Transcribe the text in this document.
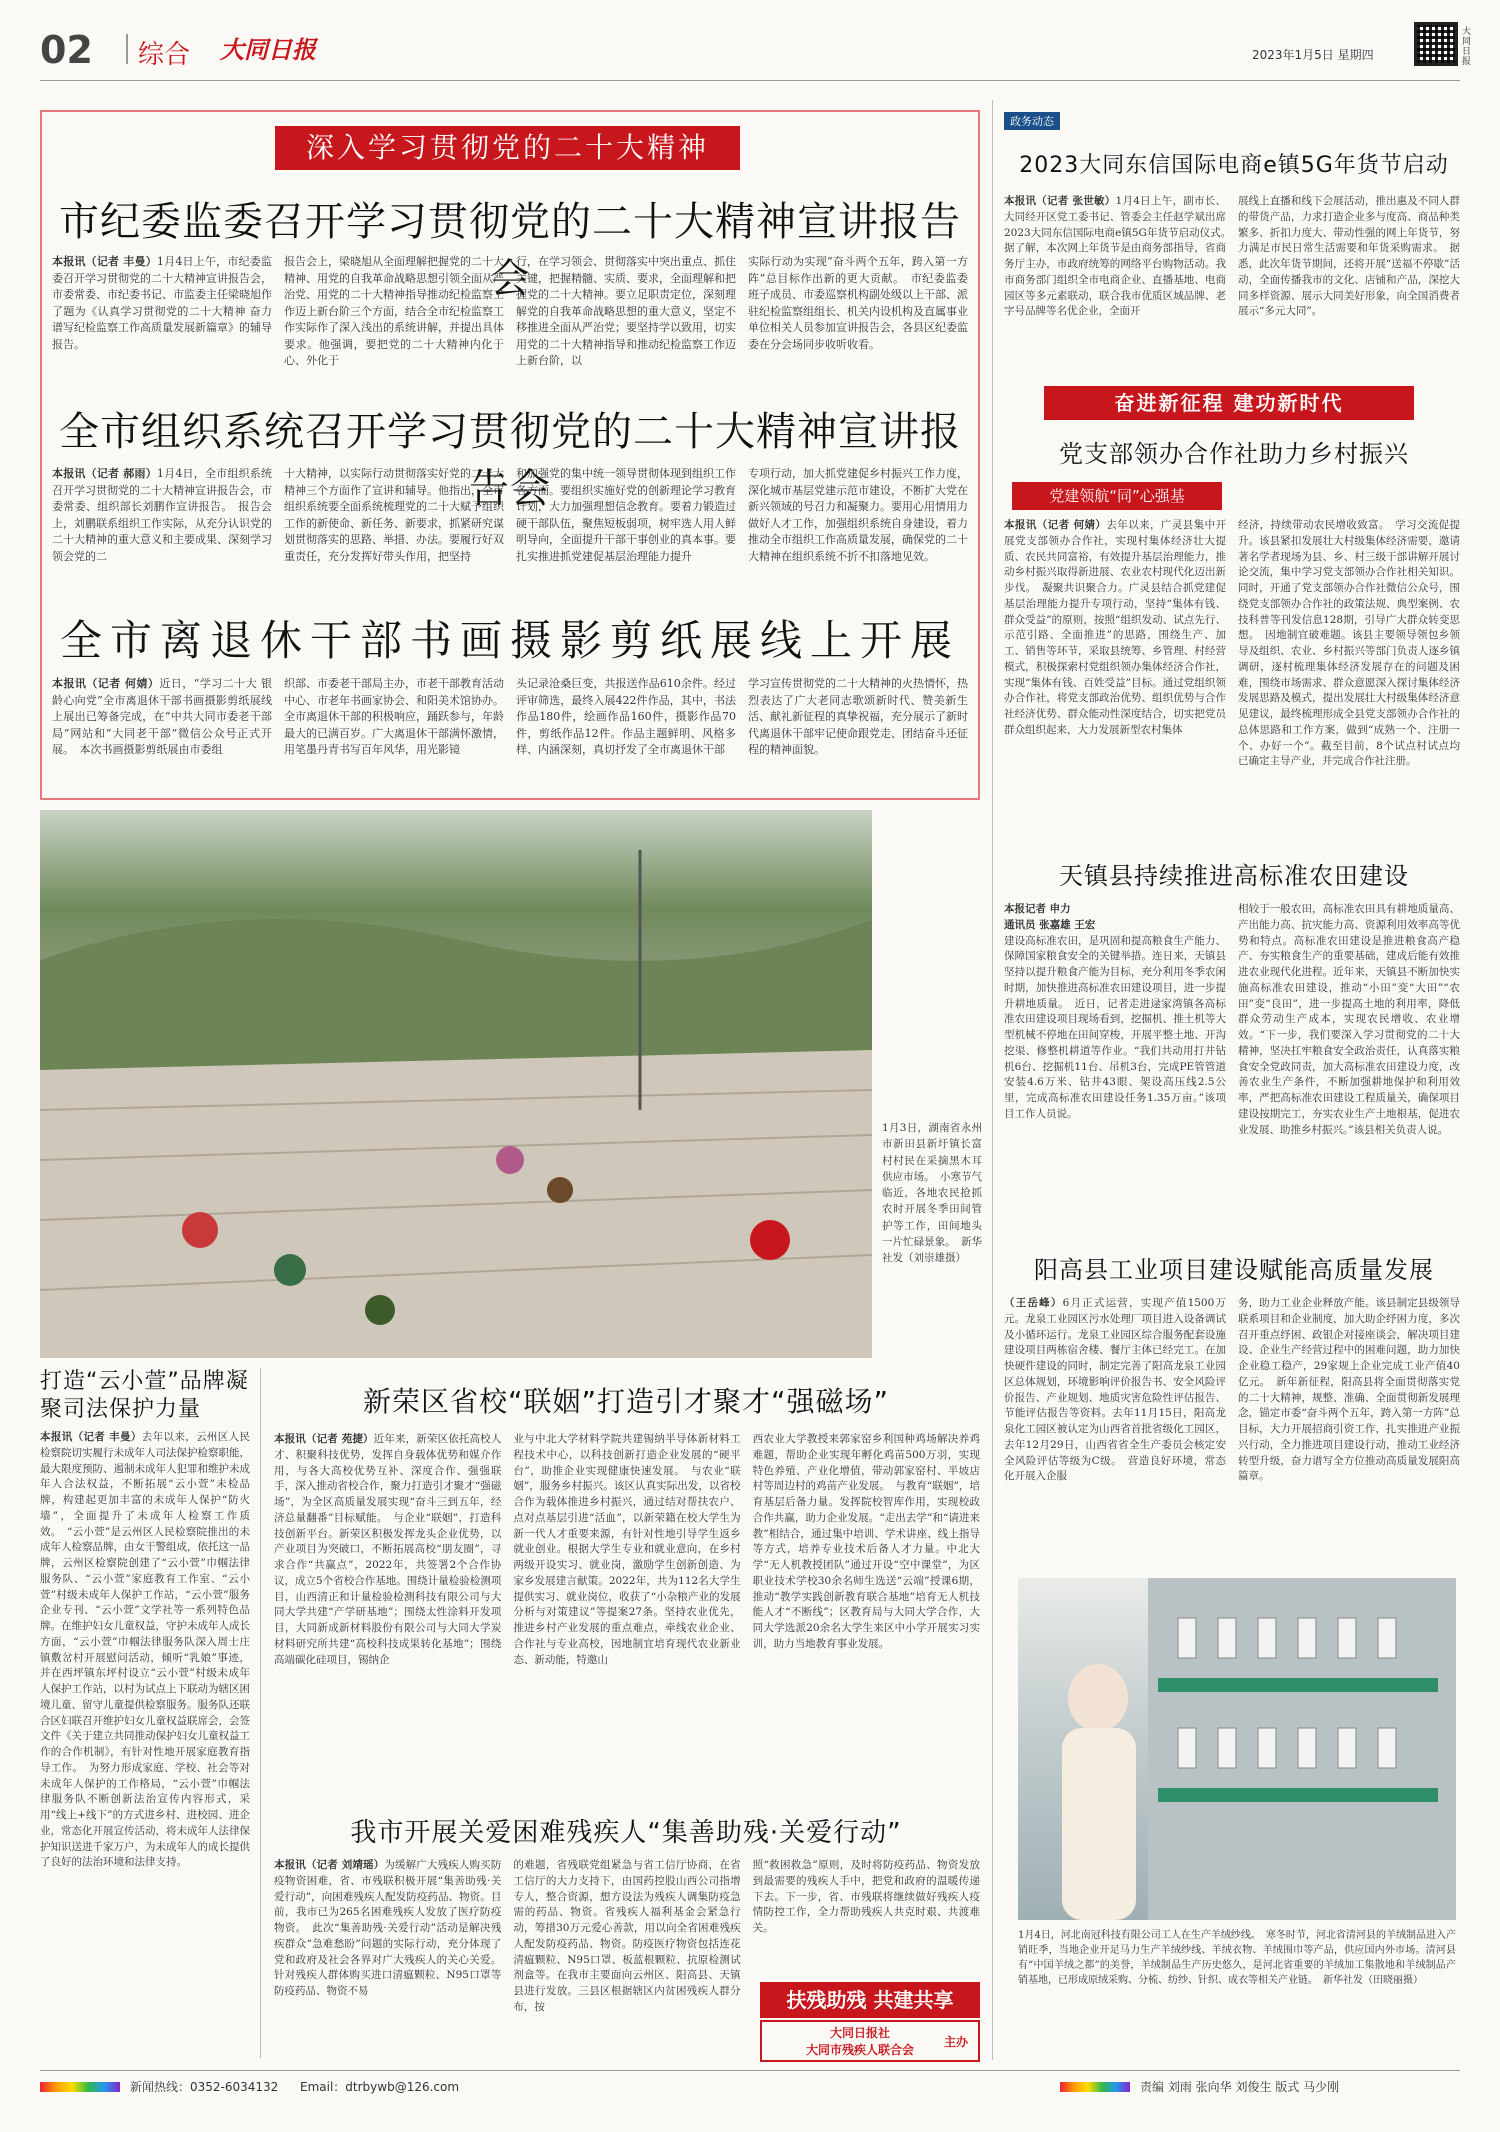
02 综合 大同日报	2023年1月5日 星期四
大同日报
深入学习贯彻党的二十大精神
市纪委监委召开学习贯彻党的二十大精神宣讲报告会
本报讯（记者 丰曼）1月4日上午，市纪委监委召开学习贯彻党的二十大精神宣讲报告会，市委常委、市纪委书记、市监委主任梁晓旭作了题为《认真学习贯彻党的二十大精神 奋力谱写纪检监察工作高质量发展新篇章》的辅导报告。
报告会上，梁晓旭从全面理解把握党的二十大精神、用党的自我革命战略思想引领全面从严治党、用党的二十大精神指导推动纪检监察工作迈上新台阶三个方面，结合全市纪检监察工作实际作了深入浅出的系统讲解，并提出具体要求。他强调，要把党的二十大精神内化于心、外化于
行，在学习领会、贯彻落实中突出重点、抓住关键，把握精髓、实质、要求，全面理解和把握党的二十大精神。要立足职责定位，深刻理解党的自我革命战略思想的重大意义，坚定不移推进全面从严治党；要坚持学以致用，切实用党的二十大精神指导和推动纪检监察工作迈上新台阶，以
实际行动为实现“奋斗两个五年，跨入第一方阵”总目标作出新的更大贡献。　市纪委监委班子成员、市委巡察机构副处级以上干部、派驻纪检监察组组长、机关内设机构及直属事业单位相关人员参加宣讲报告会，各县区纪委监委在分会场同步收听收看。
全市组织系统召开学习贯彻党的二十大精神宣讲报告会
本报讯（记者 郝雨）1月4日，全市组织系统召开学习贯彻党的二十大精神宣讲报告会，市委常委、组织部长刘鹏作宣讲报告。　报告会上，刘鹏联系组织工作实际，从充分认识党的二十大精神的重大意义和主要成果、深刻学习领会党的二
十大精神，以实际行动贯彻落实好党的二十大精神三个方面作了宣讲和辅导。他指出，全市组织系统要全面系统梳理党的二十大赋予组织工作的新使命、新任务、新要求，抓紧研究谋划贯彻落实的思路、举措、办法。要履行好双重责任，充分发挥好带头作用，把坚持
和加强党的集中统一领导贯彻体现到组织工作各方面。要组织实施好党的创新理论学习教育计划，大力加强理想信念教育。要着力锻造过硬干部队伍，聚焦短板弱项，树牢选人用人鲜明导向，全面提升干部干事创业的真本事。要扎实推进抓党建促基层治理能力提升
专项行动，加大抓党建促乡村振兴工作力度，深化城市基层党建示范市建设，不断扩大党在新兴领域的号召力和凝聚力。要用心用情用力做好人才工作，加强组织系统自身建设，着力推动全市组织工作高质量发展，确保党的二十大精神在组织系统不折不扣落地见效。
全市离退休干部书画摄影剪纸展线上开展
本报讯（记者 何婧）近日，“学习二十大 银龄心向党”全市离退休干部书画摄影剪纸展线上展出已筹备完成，在“中共大同市委老干部局”网站和“大同老干部”微信公众号正式开展。　本次书画摄影剪纸展由市委组
织部、市委老干部局主办，市老干部教育活动中心、市老年书画家协会、和阳美术馆协办。全市离退休干部的积极响应，踊跃参与，年龄最大的已满百岁。广大离退休干部满怀激情，用笔墨丹青书写百年风华，用光影镜
头记录沧桑巨变，共报送作品610余件。经过评审筛选，最终入展422件作品，其中，书法作品180件，绘画作品160件，摄影作品70件，剪纸作品12件。作品主题鲜明、风格多样、内涵深刻，真切抒发了全市离退休干部
学习宣传贯彻党的二十大精神的火热情怀，热烈表达了广大老同志歌颂新时代、赞美新生活、献礼新征程的真挚祝福，充分展示了新时代离退休干部牢记使命跟党走、团结奋斗还征程的精神面貌。
1月3日，湖南省永州市新田县新圩镇长富村村民在采摘黑木耳供应市场。　小寒节气临近，各地农民抢抓农时开展冬季田间管护等工作，田间地头一片忙碌景象。　新华社发（刘崇雄摄）
打造“云小萱”品牌凝聚司法保护力量
本报讯（记者 丰曼）去年以来，云州区人民检察院切实履行未成年人司法保护检察职能，最大限度预防、遏制未成年人犯罪和维护未成年人合法权益，不断拓展“云小萱”未检品牌，构建起更加丰富的未成年人保护“防火墙”，全面提升了未成年人检察工作质效。　“云小萱”是云州区人民检察院推出的未成年人检察品牌，由女干警组成，依托这一品牌，云州区检察院创建了“云小萱”巾帼法律服务队、“云小萱”家庭教育工作室、“云小萱”村级未成年人保护工作站，“云小萱”服务企业专刊、“云小萱”文学社等一系列特色品牌。在维护妇女儿童权益，守护未成年人成长方面，“云小萱”巾帼法律服务队深入周士庄镇敷岔村开展慰问活动，倾听“乳娘”事迹，并在西坪镇东坪村设立“云小萱”村级未成年人保护工作站，以村为试点上下联动为辖区困境儿童、留守儿童提供检察服务。服务队还联合区妇联召开维护妇女儿童权益联席会，会签文件《关于建立共同推动保护妇女儿童权益工作的合作机制》，有针对性地开展家庭教育指导工作。　为努力形成家庭、学校、社会等对未成年人保护的工作格局，“云小萱”巾帼法律服务队不断创新法治宣传内容形式，采用“线上+线下”的方式进乡村、进校园、进企业，常态化开展宣传活动，将未成年人法律保护知识送进千家万户，为未成年人的成长提供了良好的法治环境和法律支持。
新荣区省校“联姻”打造引才聚才“强磁场”
本报讯（记者 苑捷）近年来，新荣区依托高校人才、积聚科技优势，发挥自身载体优势和媒介作用，与各大高校优势互补、深度合作、强强联手，深入推动省校合作，聚力打造引才聚才“强磁场”，为全区高质量发展实现“奋斗三到五年，经济总量翻番”目标赋能。　与企业“联姻”，打造科技创新平台。新荣区积极发挥龙头企业优势，以产业项目为突破口，不断拓展高校“朋友圈”，寻求合作“共赢点”，2022年，共签署2个合作协议，成立5个省校合作基地。围绕计量检验检测项目，山西清正和计量检验检测科技有限公司与大同大学共建“产学研基地”；围绕太性涂料开发项目，大同新成新材料股份有限公司与大同大学炭材料研究所共建“高校科技成果转化基地”；围绕高端碳化硅项目，锡纳企
业与中北大学材料学院共建锡纳半导体新材料工程技术中心，以科技创新打造企业发展的“硬平台”，助推企业实现健康快速发展。　与农业“联姻”，服务乡村振兴。该区认真实际出发，以省校合作为载体推进乡村振兴，通过结对帮扶农户、点对点基层引进“活血”，以新荣籍在校大学生为新一代人才重要来源，有针对性地引导学生返乡就业创业。根据大学生专业和就业意向，在乡村两级开设实习、就业岗，激励学生创新创造、为家乡发展建言献策。2022年，共为112名大学生提供实习、就业岗位，收获了“小杂粮产业的发展分析与对策建议”等提案27条。坚持农业优先，推进乡村产业发展的重点难点，牵线农业企业、合作社与专业高校，因地制宜培育现代农业新业态、新动能，特邀山
西农业大学教授来郭家窑乡利国种鸡场解决养鸡难题，帮助企业实现年孵化鸡苗500万羽，实现特色养殖、产业化增值，带动郭家窑村、半坡店村等周边村的鸡苗产业发展。　与教育“联姻”，培育基层后备力量。发挥院校智库作用，实现校政合作共赢，助力企业发展。“走出去学”和“请进来教”相结合，通过集中培训、学术讲座、线上指导等方式，培养专业技术后备人才力量。中北大学“无人机教授团队”通过开设“空中课堂”，为区职业技术学校30余名师生选送“云端”授课6期，推动“教学实践创新教育联合基地”培育无人机技能人才“不断线”；区教育局与大同大学合作，大同大学选派20余名大学生来区中小学开展实习实训，助力当地教育事业发展。
我市开展关爱困难残疾人“集善助残·关爱行动”
本报讯（记者 刘靖瑶）为缓解广大残疾人购买防疫物资困难，省、市残联积极开展“集善助残·关爱行动”，向困难残疾人配发防疫药品、物资。目前，我市已为265名困难残疾人发放了医疗防疫物资。　此次“集善助残·关爱行动”活动是解决残疾群众“急难愁盼”问题的实际行动，充分体现了党和政府及社会各界对广大残疾人的关心关爱。针对残疾人群体购买进口清瘟颗粒、N95口罩等防疫药品、物资不易
的难题，省残联党组紧急与省工信厅协商，在省工信厅的大力支持下，由国药控股山西公司指增专人，整合资源，想方设法为残疾人调集防疫急需的药品、物资。省残疾人福利基金会紧急行动，筹措30万元爱心善款，用以向全省困难残疾人配发防疫药品、物资。防疫医疗物资包括连花清瘟颗粒、N95口罩、板蓝根颗粒、抗原检测试剂盒等。在我市主要面向云州区、阳高县、天镇县进行发放。三县区根据辖区内贫困残疾人群分布，按
照“救困救急”原则，及时将防疫药品、物资发放到最需要的残疾人手中，把党和政府的温暖传递下去。下一步，省、市残联将继续做好残疾人疫情防控工作，全力帮助残疾人共克时艰、共渡难关。
扶残助残 共建共享
大同日报社
大同市残疾人联合会
主办
政务动态
2023大同东信国际电商e镇5G年货节启动
本报讯（记者 张世敏）1月4日上午，副市长、大同经开区党工委书记、管委会主任赵学斌出席2023大同东信国际电商e镇5G年货节启动仪式。　据了解，本次网上年货节是由商务部指导，省商务厅主办，市政府统筹的网络平台购物活动。我市商务部门组织全市电商企业、直播基地、电商园区等多元素联动，联合我市优质区域品牌、老字号品牌等名优企业，全面开
展线上直播和线下会展活动，推出惠及不同人群的带货产品，力求打造企业多与度高、商品种类繁多、折扣力度大、带动性强的网上年货节，努力满足市民日常生活需要和年货采购需求。　据悉，此次年货节期间，还将开展“送福不停歇”活动，全面传播我市的文化、店铺和产品，深挖大同多样资源、展示大同美好形象，向全国消费者展示“多元大同”。
奋进新征程 建功新时代
党支部领办合作社助力乡村振兴
党建领航“同”心强基
本报讯（记者 何婧）去年以来，广灵县集中开展党支部领办合作社，实现村集体经济壮大提质、农民共同富裕，有效提升基层治理能力，推动乡村振兴取得新进展、农业农村现代化迈出新步伐。　凝聚共识聚合力。广灵县结合抓党建促基层治理能力提升专项行动，坚持“集体有钱、群众受益”的原则，按照“组织发动、试点先行、示范引路、全面推进”的思路，围绕生产、加工、销售等环节，采取县统筹、乡管理、村经营模式，积极探索村党组织领办集体经济合作社，实现“集体有钱、百姓受益”目标。通过党组织领办合作社，将党支部政治优势、组织优势与合作社经济优势、群众能动性深度结合，切实把党员群众组织起来，大力发展新型农村集体
经济，持续带动农民增收致富。　学习交流促提升。该县紧扣发展壮大村级集体经济需要，邀请著名学者现场为县、乡、村三级干部讲解开展讨论交流，集中学习党支部领办合作社相关知识。同时，开通了党支部领办合作社微信公众号，围绕党支部领办合作社的政策法规、典型案例、农技科普等刊发信息128期，引导广大群众转变思想。　因地制宜破难题。该县主要领导领包乡领导及组织、农业、乡村振兴等部门负责人逐乡镇调研，逐村梳理集体经济发展存在的问题及困难，围绕市场需求、群众意愿深入探讨集体经济发展思路及模式，提出发展壮大村级集体经济意见建议，最终梳理形成全县党支部领办合作社的总体思路和工作方案，做到“成熟一个、注册一个、办好一个”。截至目前，8个试点村试点均已确定主导产业，并完成合作社注册。
天镇县持续推进高标准农田建设
本报记者 申力
通讯员 张嘉雄 王宏
建设高标准农田，是巩固和提高粮食生产能力、保障国家粮食安全的关键举措。连日来，天镇县坚持以提升粮食产能为目标，充分利用冬季农闲时期，加快推进高标准农田建设项目，进一步提升耕地质量。　近日，记者走进逯家湾镇各高标准农田建设项目现场看到，挖掘机、推土机等大型机械不停地在田间穿梭，开展平整土地、开沟挖渠、修整机耕道等作业。“我们共动用打井钻机6台、挖掘机11台、吊机3台，完成PE管管道安装4.6万米、钻井43眼、架设高压线2.5公里，完成高标准农田建设任务1.35万亩。”该项目工作人员说。
相较于一般农田，高标准农田具有耕地质量高、产出能力高、抗灾能力高、资源利用效率高等优势和特点。高标准农田建设是推进粮食高产稳产、夯实粮食生产的重要基础，建成后能有效推进农业现代化进程。近年来，天镇县不断加快实施高标准农田建设，推动“小田”变“大田”“农田”变“良田”，进一步提高土地的利用率，降低群众劳动生产成本，实现农民增收、农业增效。“下一步，我们要深入学习贯彻党的二十大精神，坚决扛牢粮食安全政治责任，认真落实粮食安全党政同责，加大高标准农田建设力度，改善农业生产条件，不断加强耕地保护和利用效率，严把高标准农田建设工程质量关，确保项目建设按期完工，夯实农业生产土地根基，促进农业发展、助推乡村振兴。”该县相关负责人说。
阳高县工业项目建设赋能高质量发展
（王岳峰）6月正式运营，实现产值1500万元。龙泉工业园区污水处理厂项目进入设备调试及小循环运行。龙泉工业园区综合服务配套设施建设项目两栋宿舍楼、餐厅主体已经完工。在加快硬件建设的同时，制定完善了阳高龙泉工业园区总体规划，环境影响评价报告书、安全风险评价报告、产业规划、地质灾害危险性评估报告、节能评估报告等资料。去年11月15日，阳高龙泉化工园区被认定为山西省首批省级化工园区，去年12月29日，山西省省全生产委员会核定安全风险评估等级为C级。　营造良好环境，常态化开展入企服
务，助力工业企业释放产能。该县制定县级领导联系项目和企业制度，加大助企纾困力度，多次召开重点纾困、政银企对接座谈会，解决项目建设、企业生产经营过程中的困难问题，助力加快企业稳工稳产，29家规上企业完成工业产值40亿元。　新年新征程，阳高县将全面贯彻落实党的二十大精神，规整、准确、全面贯彻新发展理念，锚定市委“奋斗两个五年，跨入第一方阵”总目标，大力开展招商引资工作，扎实推进产业振兴行动，全力推进项目建设行动，推动工业经济转型升级，奋力谱写全方位推动高质量发展阳高篇章。
1月4日，河北南冠科技有限公司工人在生产羊绒纱线。　寒冬时节，河北省清河县的羊绒制品进入产销旺季，当地企业开足马力生产羊绒纱线、羊绒衣物、羊绒围巾等产品，供应国内外市场。清河县有“中国羊绒之都”的美誉，羊绒制品生产历史悠久，是河北省重要的羊绒加工集散地和羊绒制品产销基地，已形成原绒采购、分梳、纺纱、针织、成衣等相关产业链。　新华社发（田晓丽摄）
新闻热线：0352-6034132 Email：dtrbywb@126.com	责编 刘雨 张向华 刘俊生 版式 马少刚
